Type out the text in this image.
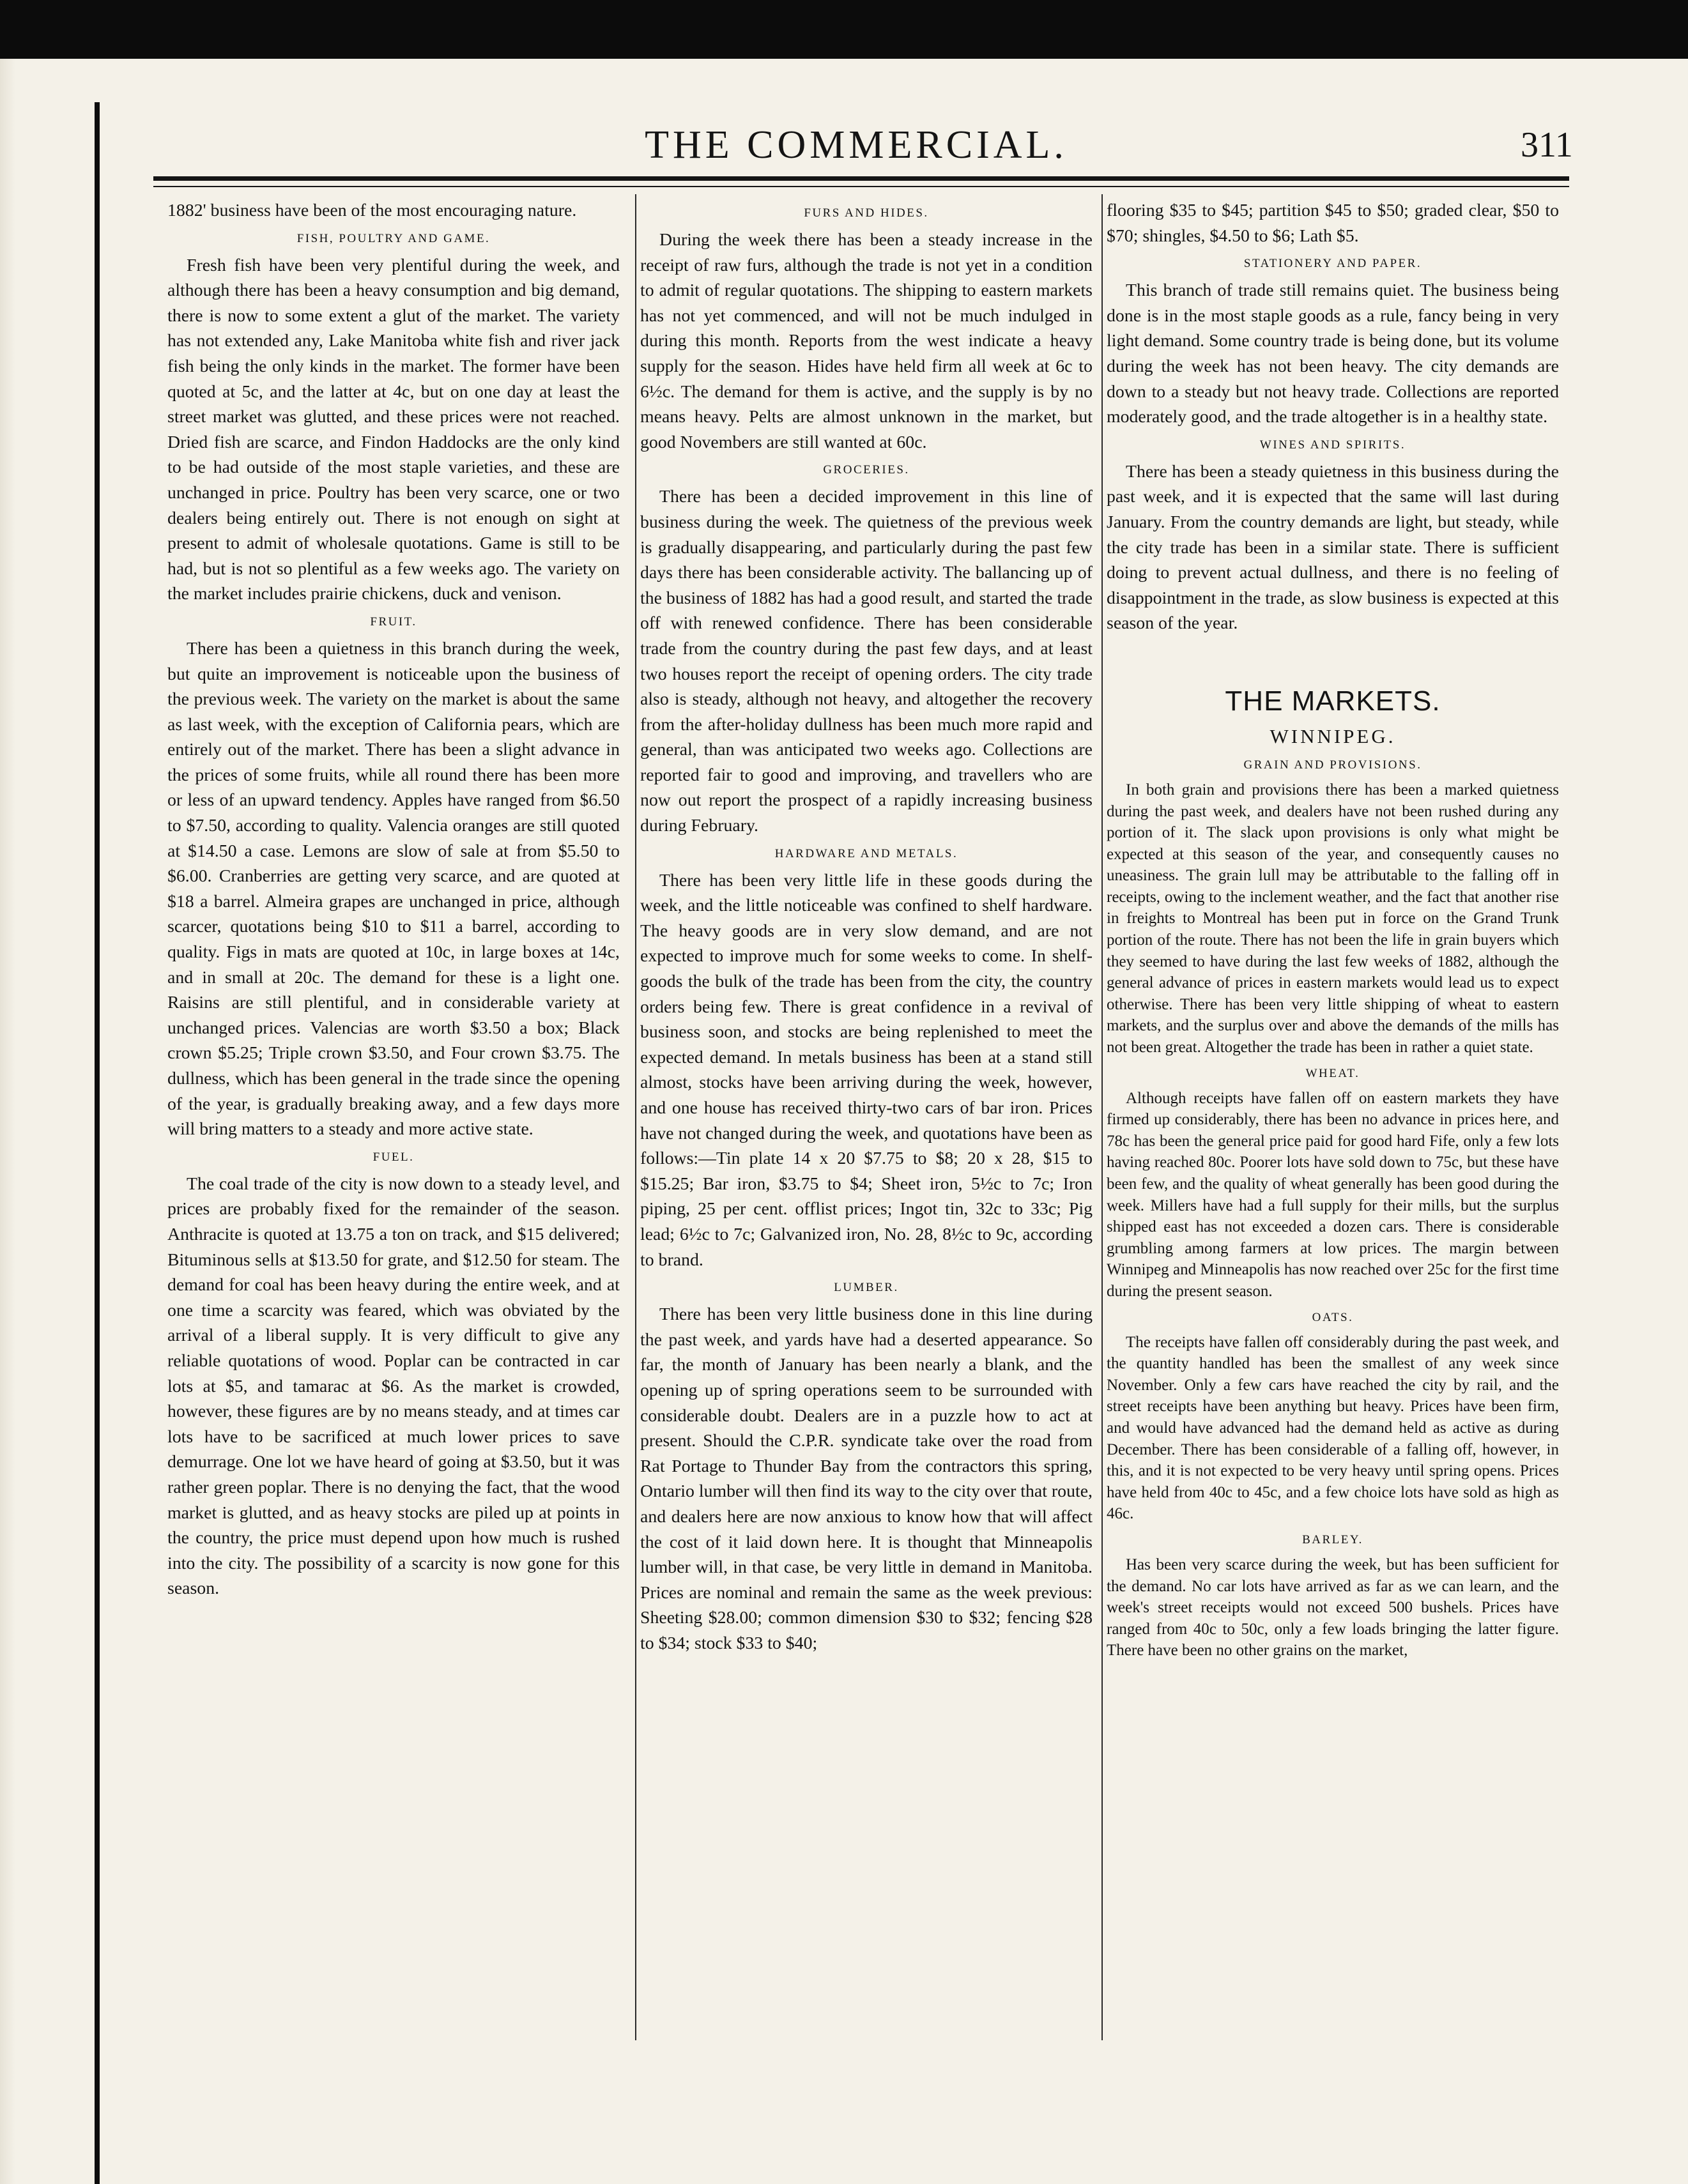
THE COMMERCIAL.	311

1882' business have been of the most encouraging nature.

FISH, POULTRY AND GAME.

Fresh fish have been very plentiful during the week, and although there has been a heavy consumption and big demand, there is now to some extent a glut of the market. The variety has not extended any, Lake Manitoba white fish and river jack fish being the only kinds in the market. The former have been quoted at 5c, and the latter at 4c, but on one day at least the street market was glutted, and these prices were not reached. Dried fish are scarce, and Findon Haddocks are the only kind to be had outside of the most staple varieties, and these are unchanged in price. Poultry has been very scarce, one or two dealers being entirely out. There is not enough on sight at present to admit of wholesale quotations. Game is still to be had, but is not so plentiful as a few weeks ago. The variety on the market includes prairie chickens, duck and venison.

FRUIT.

There has been a quietness in this branch during the week, but quite an improvement is noticeable upon the business of the previous week. The variety on the market is about the same as last week, with the exception of California pears, which are entirely out of the market. There has been a slight advance in the prices of some fruits, while all round there has been more or less of an upward tendency. Apples have ranged from $6.50 to $7.50, according to quality. Valencia oranges are still quoted at $14.50 a case. Lemons are slow of sale at from $5.50 to $6.00. Cranberries are getting very scarce, and are quoted at $18 a barrel. Almeira grapes are unchanged in price, although scarcer, quotations being $10 to $11 a barrel, according to quality. Figs in mats are quoted at 10c, in large boxes at 14c, and in small at 20c. The demand for these is a light one. Raisins are still plentiful, and in considerable variety at unchanged prices. Valencias are worth $3.50 a box; Black crown $5.25; Triple crown $3.50, and Four crown $3.75. The dullness, which has been general in the trade since the opening of the year, is gradually breaking away, and a few days more will bring matters to a steady and more active state.

FUEL.

The coal trade of the city is now down to a steady level, and prices are probably fixed for the remainder of the season. Anthracite is quoted at 13.75 a ton on track, and $15 delivered; Bituminous sells at $13.50 for grate, and $12.50 for steam. The demand for coal has been heavy during the entire week, and at one time a scarcity was feared, which was obviated by the arrival of a liberal supply. It is very difficult to give any reliable quotations of wood. Poplar can be contracted in car lots at $5, and tamarac at $6. As the market is crowded, however, these figures are by no means steady, and at times car lots have to be sacrificed at much lower prices to save demurrage. One lot we have heard of going at $3.50, but it was rather green poplar. There is no denying the fact, that the wood market is glutted, and as heavy stocks are piled up at points in the country, the price must depend upon how much is rushed into the city. The possibility of a scarcity is now gone for this season.

FURS AND HIDES.

During the week there has been a steady increase in the receipt of raw furs, although the trade is not yet in a condition to admit of regular quotations. The shipping to eastern markets has not yet commenced, and will not be much indulged in during this month. Reports from the west indicate a heavy supply for the season. Hides have held firm all week at 6c to 6½c. The demand for them is active, and the supply is by no means heavy. Pelts are almost unknown in the market, but good Novembers are still wanted at 60c.

GROCERIES.

There has been a decided improvement in this line of business during the week. The quietness of the previous week is gradually disappearing, and particularly during the past few days there has been considerable activity. The ballancing up of the business of 1882 has had a good result, and started the trade off with renewed confidence. There has been considerable trade from the country during the past few days, and at least two houses report the receipt of opening orders. The city trade also is steady, although not heavy, and altogether the recovery from the after-holiday dullness has been much more rapid and general, than was anticipated two weeks ago. Collections are reported fair to good and improving, and travellers who are now out report the prospect of a rapidly increasing business during February.

HARDWARE AND METALS.

There has been very little life in these goods during the week, and the little noticeable was confined to shelf hardware. The heavy goods are in very slow demand, and are not expected to improve much for some weeks to come. In shelf-goods the bulk of the trade has been from the city, the country orders being few. There is great confidence in a revival of business soon, and stocks are being replenished to meet the expected demand. In metals business has been at a stand still almost, stocks have been arriving during the week, however, and one house has received thirty-two cars of bar iron. Prices have not changed during the week, and quotations have been as follows:—Tin plate 14 x 20 $7.75 to $8; 20 x 28, $15 to $15.25; Bar iron, $3.75 to $4; Sheet iron, 5½c to 7c; Iron piping, 25 per cent. offlist prices; Ingot tin, 32c to 33c; Pig lead; 6½c to 7c; Galvanized iron, No. 28, 8½c to 9c, according to brand.

LUMBER.

There has been very little business done in this line during the past week, and yards have had a deserted appearance. So far, the month of January has been nearly a blank, and the opening up of spring operations seem to be surrounded with considerable doubt. Dealers are in a puzzle how to act at present. Should the C.P.R. syndicate take over the road from Rat Portage to Thunder Bay from the contractors this spring, Ontario lumber will then find its way to the city over that route, and dealers here are now anxious to know how that will affect the cost of it laid down here. It is thought that Minneapolis lumber will, in that case, be very little in demand in Manitoba. Prices are nominal and remain the same as the week previous: Sheeting $28.00; common dimension $30 to $32; fencing $28 to $34; stock $33 to $40;

flooring $35 to $45; partition $45 to $50; graded clear, $50 to $70; shingles, $4.50 to $6; Lath $5.

STATIONERY AND PAPER.

This branch of trade still remains quiet. The business being done is in the most staple goods as a rule, fancy being in very light demand. Some country trade is being done, but its volume during the week has not been heavy. The city demands are down to a steady but not heavy trade. Collections are reported moderately good, and the trade altogether is in a healthy state.

WINES AND SPIRITS.

There has been a steady quietness in this business during the past week, and it is expected that the same will last during January. From the country demands are light, but steady, while the city trade has been in a similar state. There is sufficient doing to prevent actual dullness, and there is no feeling of disappointment in the trade, as slow business is expected at this season of the year.

THE MARKETS.
WINNIPEG.
GRAIN AND PROVISIONS.

In both grain and provisions there has been a marked quietness during the past week, and dealers have not been rushed during any portion of it. The slack upon provisions is only what might be expected at this season of the year, and consequently causes no uneasiness. The grain lull may be attributable to the falling off in receipts, owing to the inclement weather, and the fact that another rise in freights to Montreal has been put in force on the Grand Trunk portion of the route. There has not been the life in grain buyers which they seemed to have during the last few weeks of 1882, although the general advance of prices in eastern markets would lead us to expect otherwise. There has been very little shipping of wheat to eastern markets, and the surplus over and above the demands of the mills has not been great. Altogether the trade has been in rather a quiet state.

WHEAT.

Although receipts have fallen off on eastern markets they have firmed up considerably, there has been no advance in prices here, and 78c has been the general price paid for good hard Fife, only a few lots having reached 80c. Poorer lots have sold down to 75c, but these have been few, and the quality of wheat generally has been good during the week. Millers have had a full supply for their mills, but the surplus shipped east has not exceeded a dozen cars. There is considerable grumbling among farmers at low prices. The margin between Winnipeg and Minneapolis has now reached over 25c for the first time during the present season.

OATS.

The receipts have fallen off considerably during the past week, and the quantity handled has been the smallest of any week since November. Only a few cars have reached the city by rail, and the street receipts have been anything but heavy. Prices have been firm, and would have advanced had the demand held as active as during December. There has been considerable of a falling off, however, in this, and it is not expected to be very heavy until spring opens. Prices have held from 40c to 45c, and a few choice lots have sold as high as 46c.

BARLEY.

Has been very scarce during the week, but has been sufficient for the demand. No car lots have arrived as far as we can learn, and the week's street receipts would not exceed 500 bushels. Prices have ranged from 40c to 50c, only a few loads bringing the latter figure. There have been no other grains on the market,
